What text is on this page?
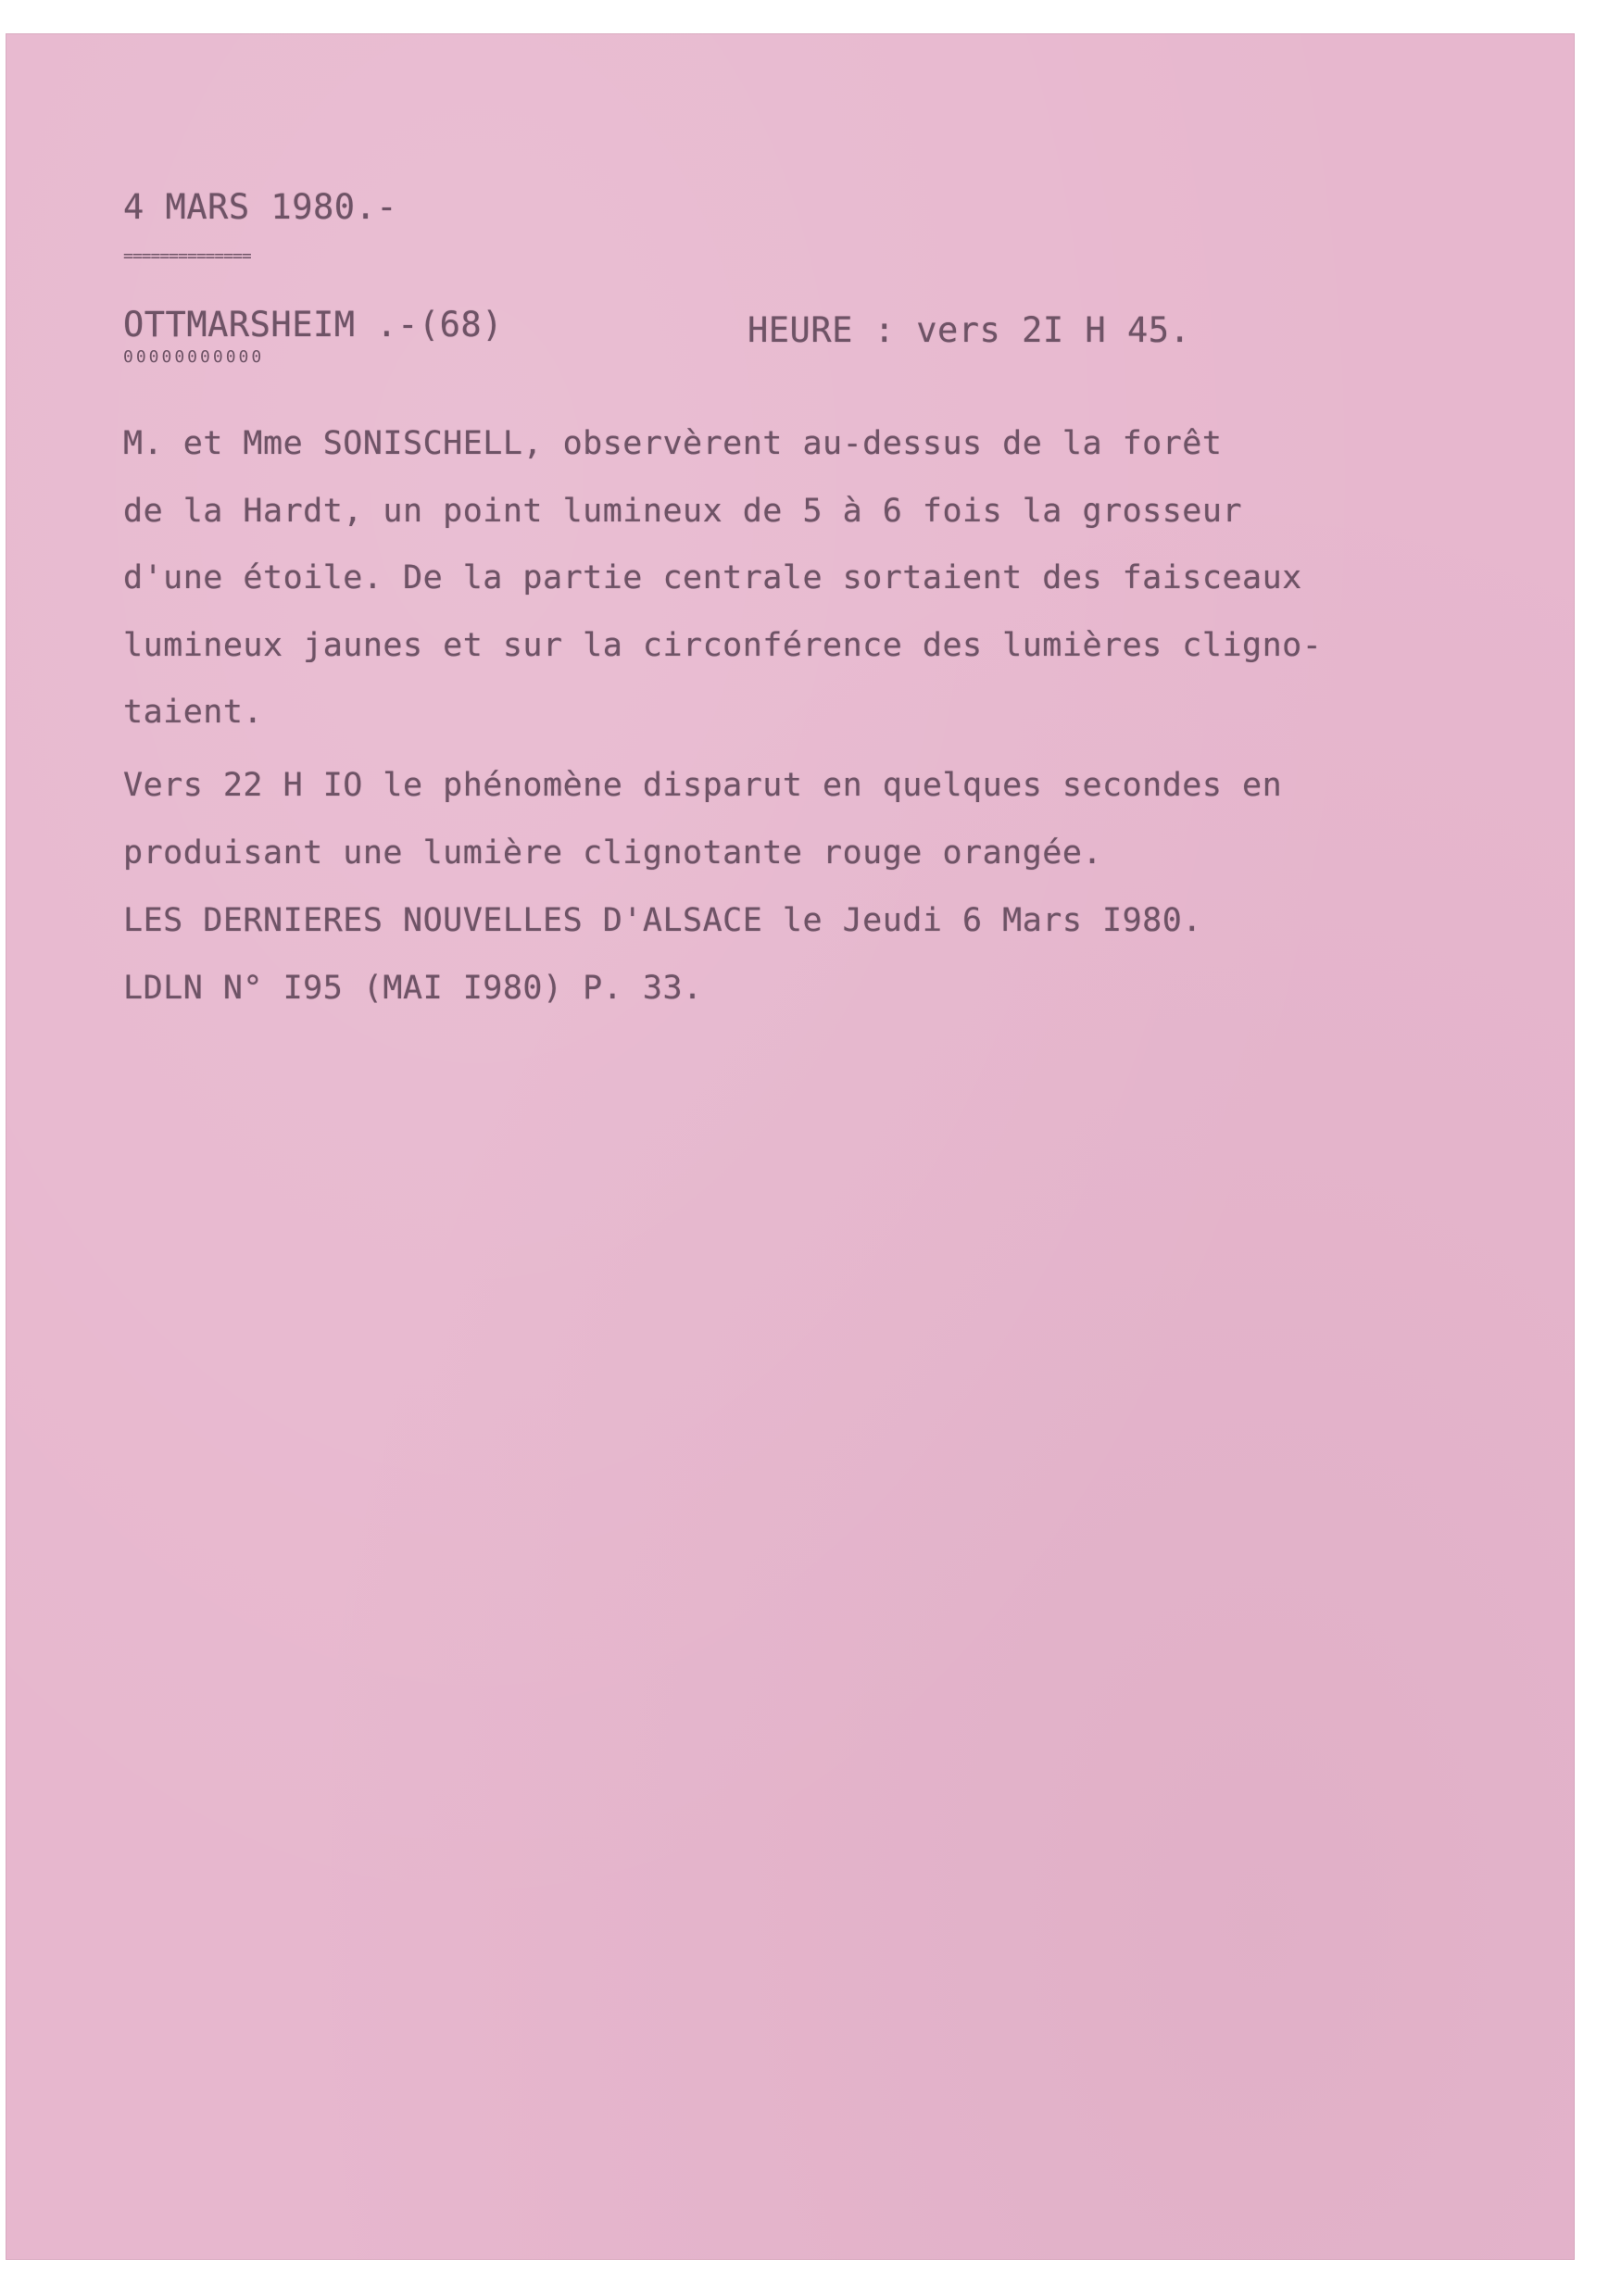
4 MARS 1980.-
==============
OTTMARSHEIM .-(68)
00000000000
HEURE : vers 2I H 45.
M. et Mme SONISCHELL, observèrent au-dessus de la forêt
de la Hardt, un point lumineux de 5 à 6 fois la grosseur
d'une étoile. De la partie centrale sortaient des faisceaux
lumineux jaunes et sur la circonférence des lumières cligno-
taient.
Vers 22 H IO le phénomène disparut en quelques secondes en
produisant une lumière clignotante rouge orangée.
LES DERNIERES NOUVELLES D'ALSACE le Jeudi 6 Mars I980.
LDLN N° I95 (MAI I980) P. 33.
